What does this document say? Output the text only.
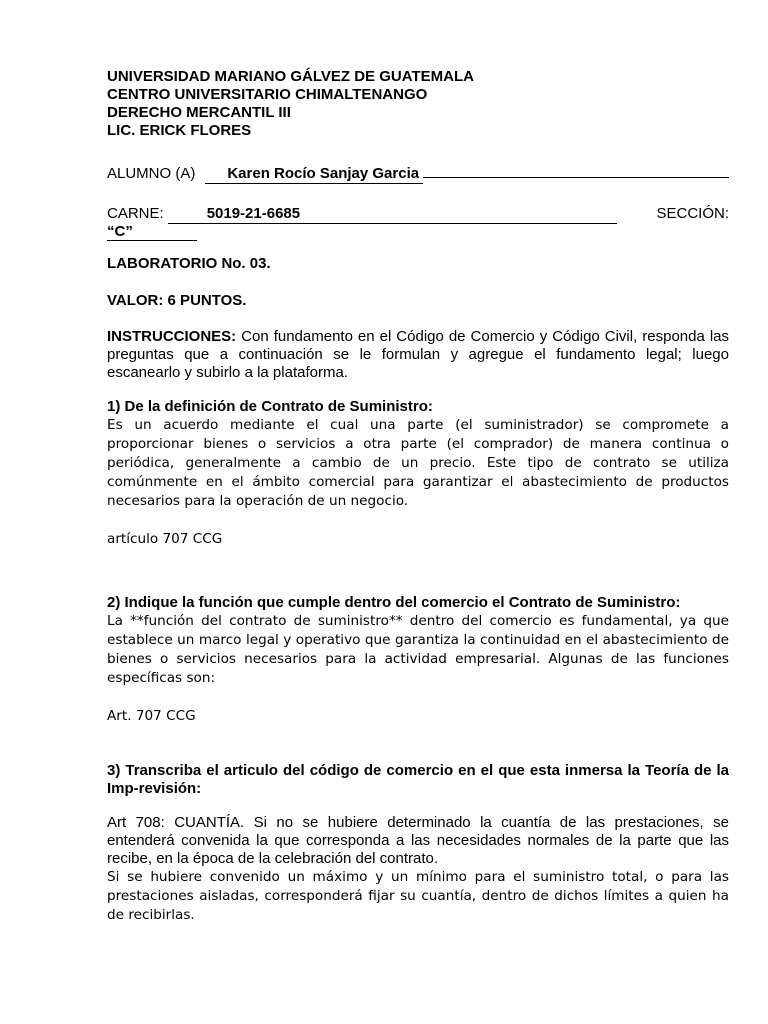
UNIVERSIDAD MARIANO GÁLVEZ DE GUATEMALA

CENTRO UNIVERSITARIO CHIMALTENANGO

DERECHO MERCANTIL III

LIC. ERICK FLORES

ALUMNO (A)	Karen Rocío Sanjay Garcia
CARNE:	5019-21-6685	SECCIÓN:

“C”

LABORATORIO No. 03.

VALOR: 6 PUNTOS.

INSTRUCCIONES: Con fundamento en el Código de Comercio y Código Civil, responda las preguntas que a continuación se le formulan y agregue el fundamento legal; luego escanearlo y subirlo a la plataforma.

1) De la definición de Contrato de Suministro:

Es un acuerdo mediante el cual una parte (el suministrador) se compromete a proporcionar bienes o servicios a otra parte (el comprador) de manera continua o periódica, generalmente a cambio de un precio. Este tipo de contrato se utiliza comúnmente en el ámbito comercial para garantizar el abastecimiento de productos necesarios para la operación de un negocio.

artículo 707 CCG

2) Indique la función que cumple dentro del comercio el Contrato de Suministro:

La **función del contrato de suministro** dentro del comercio es fundamental, ya que establece un marco legal y operativo que garantiza la continuidad en el abastecimiento de bienes o servicios necesarios para la actividad empresarial. Algunas de las funciones específicas son:

Art. 707 CCG

3) Transcriba el articulo del código de comercio en el que esta inmersa la Teoría de la Imp-revisión:

Art 708: CUANTÍA. Si no se hubiere determinado la cuantía de las prestaciones, se entenderá convenida la que corresponda a las necesidades normales de la parte que las recibe, en la época de la celebración del contrato.

Si se hubiere convenido un máximo y un mínimo para el suministro total, o para las prestaciones aisladas, corresponderá fijar su cuantía, dentro de dichos límites a quien ha de recibirlas.
